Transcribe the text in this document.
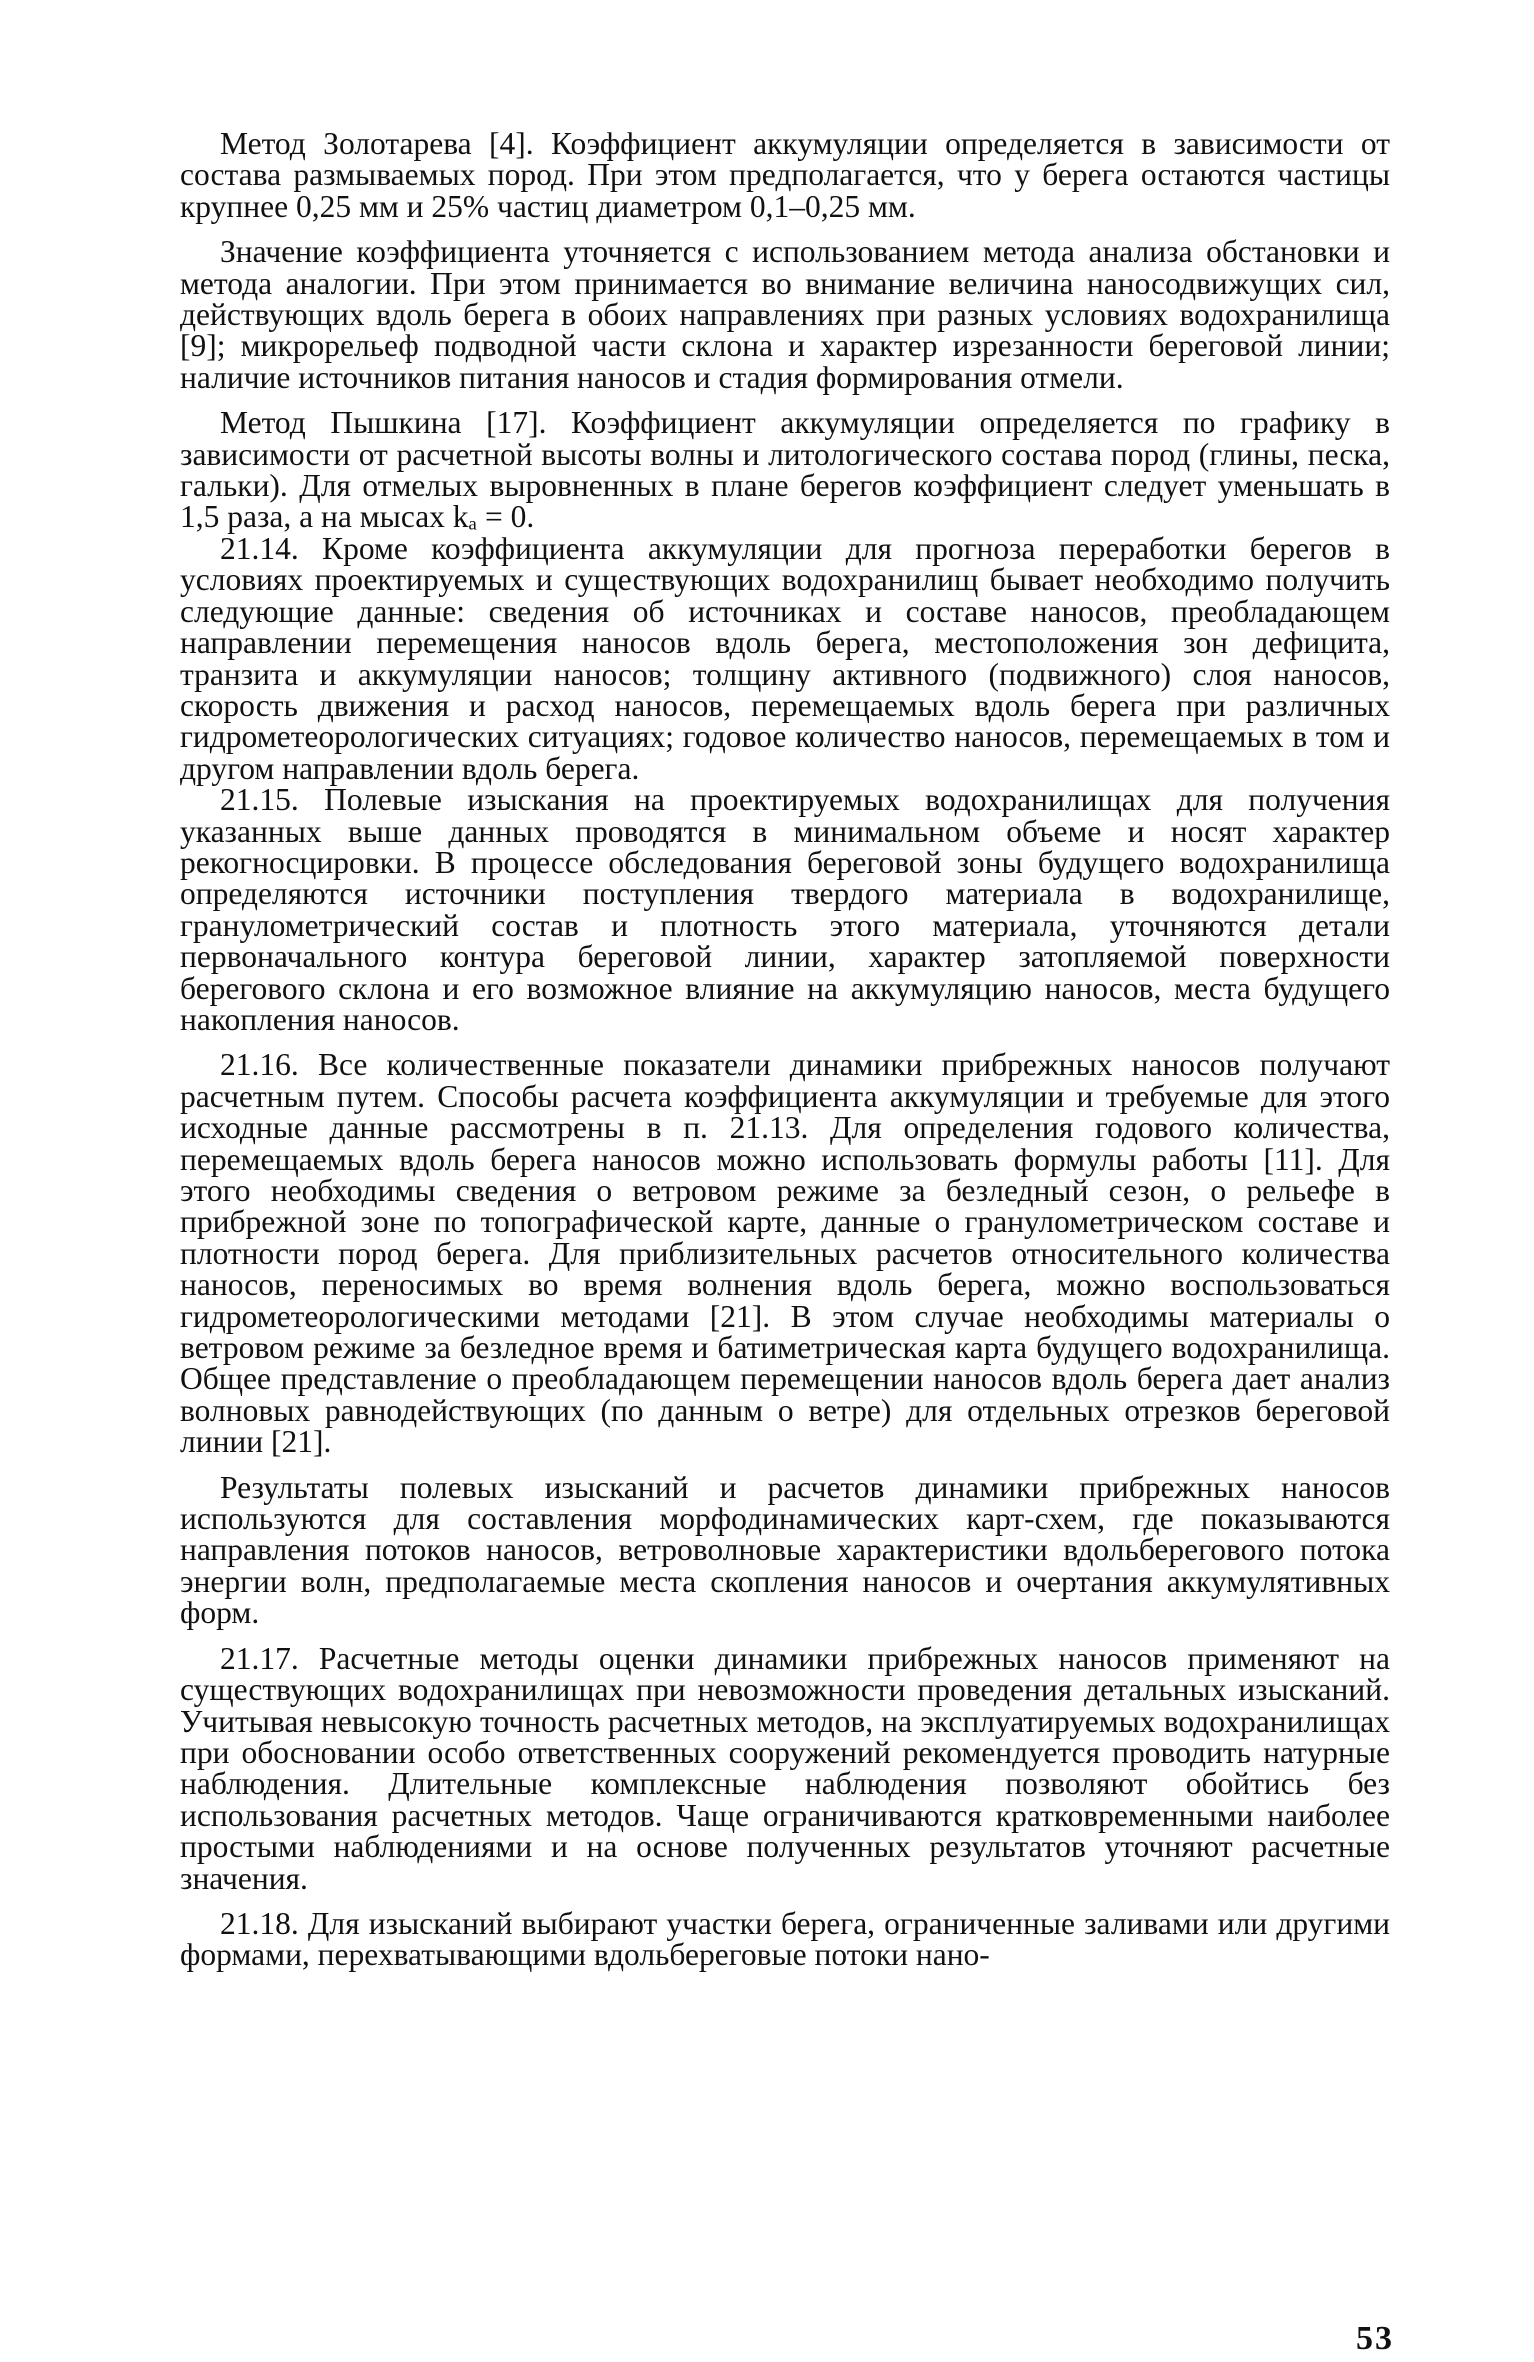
Метод Золотарева [4]. Коэффициент аккумуляции определяется в зависимости от состава размываемых пород. При этом предполагается, что у берега остаются частицы крупнее 0,25 мм и 25% частиц диаметром 0,1–0,25 мм.

Значение коэффициента уточняется с использованием метода анализа обстановки и метода аналогии. При этом принимается во внимание величина наносодвижущих сил, действующих вдоль берега в обоих направлениях при разных условиях водохранилища [9]; микрорельеф подводной части склона и характер изрезанности береговой линии; наличие источников питания наносов и стадия формирования отмели.

Метод Пышкина [17]. Коэффициент аккумуляции определяется по графику в зависимости от расчетной высоты волны и литологического состава пород (глины, песка, гальки). Для отмелых выровненных в плане берегов коэффициент следует уменьшать в 1,5 раза, а на мысах kₐ = 0.

21.14. Кроме коэффициента аккумуляции для прогноза переработки берегов в условиях проектируемых и существующих водохранилищ бывает необходимо получить следующие данные: сведения об источниках и составе наносов, преобладающем направлении перемещения наносов вдоль берега, местоположения зон дефицита, транзита и аккумуляции наносов; толщину активного (подвижного) слоя наносов, скорость движения и расход наносов, перемещаемых вдоль берега при различных гидрометеорологических ситуациях; годовое количество наносов, перемещаемых в том и другом направлении вдоль берега.

21.15. Полевые изыскания на проектируемых водохранилищах для получения указанных выше данных проводятся в минимальном объеме и носят характер рекогносцировки. В процессе обследования береговой зоны будущего водохранилища определяются источники поступления твердого материала в водохранилище, гранулометрический состав и плотность этого материала, уточняются детали первоначального контура береговой линии, характер затопляемой поверхности берегового склона и его возможное влияние на аккумуляцию наносов, места будущего накопления наносов.

21.16. Все количественные показатели динамики прибрежных наносов получают расчетным путем. Способы расчета коэффициента аккумуляции и требуемые для этого исходные данные рассмотрены в п. 21.13. Для определения годового количества, перемещаемых вдоль берега наносов можно использовать формулы работы [11]. Для этого необходимы сведения о ветровом режиме за безледный сезон, о рельефе в прибрежной зоне по топографической карте, данные о гранулометрическом составе и плотности пород берега. Для приблизительных расчетов относительного количества наносов, переносимых во время волнения вдоль берега, можно воспользоваться гидрометеорологическими методами [21]. В этом случае необходимы материалы о ветровом режиме за безледное время и батиметрическая карта будущего водохранилища. Общее представление о преобладающем перемещении наносов вдоль берега дает анализ волновых равнодействующих (по данным о ветре) для отдельных отрезков береговой линии [21].

Результаты полевых изысканий и расчетов динамики прибрежных наносов используются для составления морфодинамических карт-схем, где показываются направления потоков наносов, ветроволновые характеристики вдольберегового потока энергии волн, предполагаемые места скопления наносов и очертания аккумулятивных форм.

21.17. Расчетные методы оценки динамики прибрежных наносов применяют на существующих водохранилищах при невозможности проведения детальных изысканий. Учитывая невысокую точность расчетных методов, на эксплуатируемых водохранилищах при обосновании особо ответственных сооружений рекомендуется проводить натурные наблюдения. Длительные комплексные наблюдения позволяют обойтись без использования расчетных методов. Чаще ограничиваются кратковременными наиболее простыми наблюдениями и на основе полученных результатов уточняют расчетные значения.

21.18. Для изысканий выбирают участки берега, ограниченные заливами или другими формами, перехватывающими вдольбереговые потоки нано-

53
